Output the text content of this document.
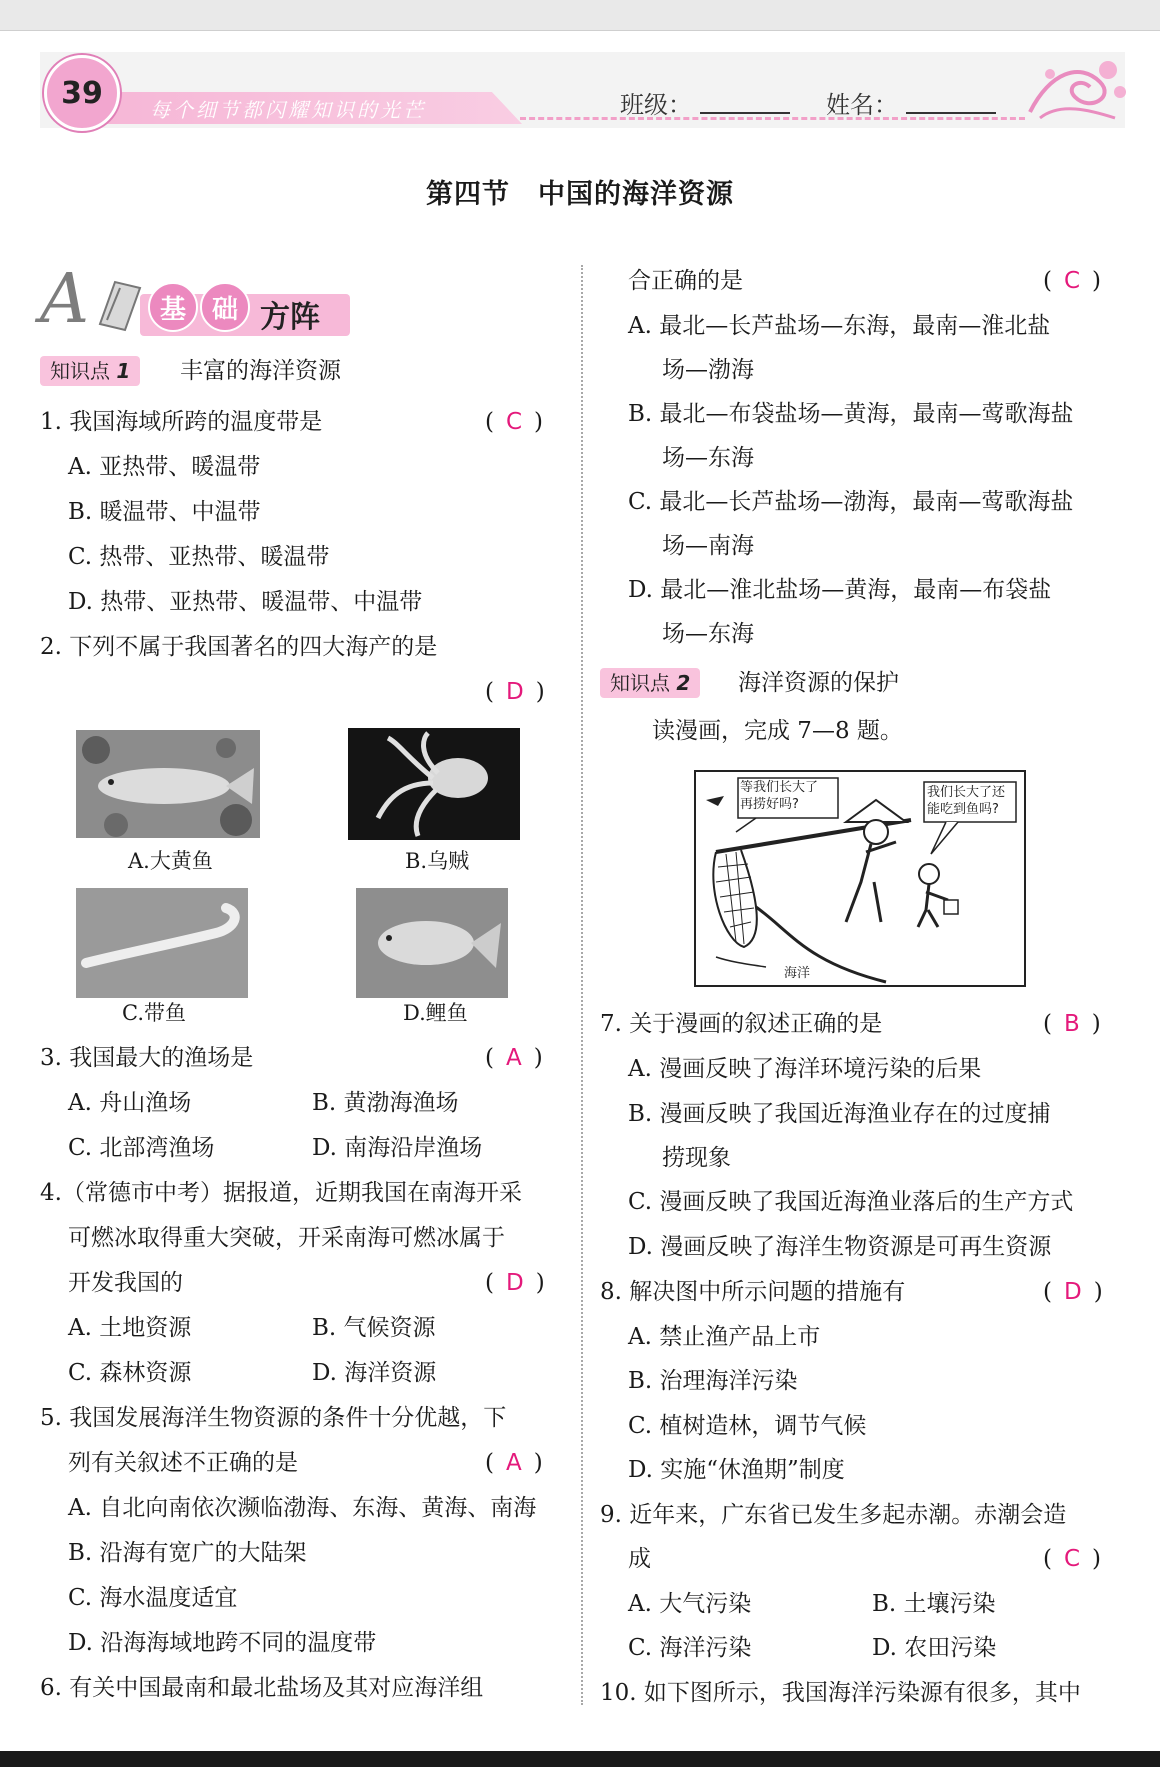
39 每个细节都闪耀知识的光芒	班级：	姓名：
第四节　中国的海洋资源
A	基 础 方阵
知识点 1	丰富的海洋资源
1. 我国海域所跨的温度带是	( C )
A. 亚热带、暖温带
B. 暖温带、中温带
C. 热带、亚热带、暖温带
D. 热带、亚热带、暖温带、中温带
2. 下列不属于我国著名的四大海产的是
( D )
A.大黄鱼	B.乌贼
C.带鱼	D.鲤鱼
3. 我国最大的渔场是	( A )
A. 舟山渔场	B. 黄渤海渔场
C. 北部湾渔场	D. 南海沿岸渔场
4.（常德市中考）据报道，近期我国在南海开采
可燃冰取得重大突破，开采南海可燃冰属于
开发我国的	( D )
A. 土地资源	B. 气候资源
C. 森林资源	D. 海洋资源
5. 我国发展海洋生物资源的条件十分优越，下
列有关叙述不正确的是	( A )
A. 自北向南依次濒临渤海、东海、黄海、南海
B. 沿海有宽广的大陆架
C. 海水温度适宜
D. 沿海海域地跨不同的温度带
6. 有关中国最南和最北盐场及其对应海洋组
合正确的是	( C )
A. 最北—长芦盐场—东海，最南—淮北盐
场—渤海
B. 最北—布袋盐场—黄海，最南—莺歌海盐
场—东海
C. 最北—长芦盐场—渤海，最南—莺歌海盐
场—南海
D. 最北—淮北盐场—黄海，最南—布袋盐
场—东海
知识点 2	海洋资源的保护
读漫画，完成 7—8 题。
等我们长大了
再捞好吗?
我们长大了还
能吃到鱼吗?
海洋
7. 关于漫画的叙述正确的是	( B )
A. 漫画反映了海洋环境污染的后果
B. 漫画反映了我国近海渔业存在的过度捕
捞现象
C. 漫画反映了我国近海渔业落后的生产方式
D. 漫画反映了海洋生物资源是可再生资源
8. 解决图中所示问题的措施有	( D )
A. 禁止渔产品上市
B. 治理海洋污染
C. 植树造林，调节气候
D. 实施“休渔期”制度
9. 近年来，广东省已发生多起赤潮。赤潮会造
成	( C )
A. 大气污染	B. 土壤污染
C. 海洋污染	D. 农田污染
10. 如下图所示，我国海洋污染源有很多，其中
